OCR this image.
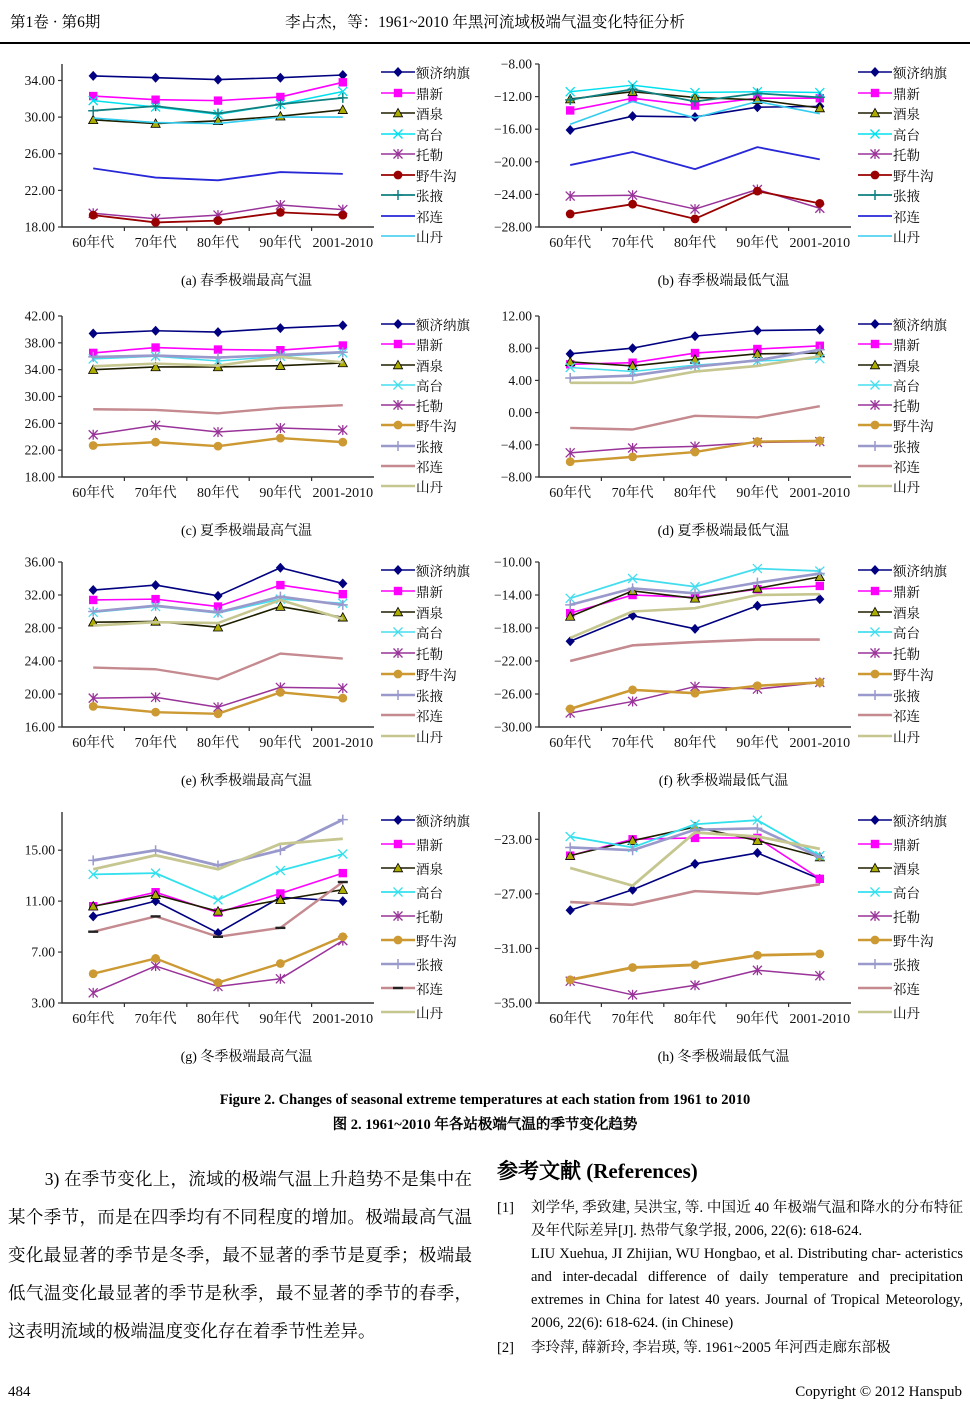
第1卷 · 第6期	李占杰，等：1961~2010 年黑河流域极端气温变化特征分析
18.00
22.00
26.00
30.00
34.00
60年代 70年代 80年代 90年代 2001-2010
额济纳旗
鼎新
酒泉
高台
托勒
野牛沟
张掖
祁连
山丹
(a) 春季极端最高气温
−28.00
−24.00
−20.00
−16.00
−12.00
−8.00
60年代 70年代 80年代 90年代 2001-2010
额济纳旗
鼎新
酒泉
高台
托勒
野牛沟
张掖
祁连
山丹
(b) 春季极端最低气温
18.00
22.00
26.00
30.00
34.00
38.00
42.00
60年代 70年代 80年代 90年代 2001-2010
额济纳旗
鼎新
酒泉
高台
托勒
野牛沟
张掖
祁连
山丹
(c) 夏季极端最高气温
−8.00
−4.00
0.00
4.00
8.00
12.00
60年代 70年代 80年代 90年代 2001-2010
额济纳旗
鼎新
酒泉
高台
托勒
野牛沟
张掖
祁连
山丹
(d) 夏季极端最低气温
16.00
20.00
24.00
28.00
32.00
36.00
60年代 70年代 80年代 90年代 2001-2010
额济纳旗
鼎新
酒泉
高台
托勒
野牛沟
张掖
祁连
山丹
(e) 秋季极端最高气温
−30.00
−26.00
−22.00
−18.00
−14.00
−10.00
60年代 70年代 80年代 90年代 2001-2010
额济纳旗
鼎新
酒泉
高台
托勒
野牛沟
张掖
祁连
山丹
(f) 秋季极端最低气温
3.00
7.00
11.00
15.00
60年代 70年代 80年代 90年代 2001-2010
额济纳旗
鼎新
酒泉
高台
托勒
野牛沟
张掖
祁连
山丹
(g) 冬季极端最高气温
−35.00
−31.00
−27.00
−23.00
60年代 70年代 80年代 90年代 2001-2010
额济纳旗
鼎新
酒泉
高台
托勒
野牛沟
张掖
祁连
山丹
(h) 冬季极端最低气温
Figure 2. Changes of seasonal extreme temperatures at each station from 1961 to 2010
图 2. 1961~2010 年各站极端气温的季节变化趋势

3) 在季节变化上，流域的极端气温上升趋势不是集中在某个季节，而是在四季均有不同程度的增加。极端最高气温变化最显著的季节是冬季，最不显著的季节是夏季；极端最低气温变化最显著的季节是秋季，最不显著的季节的春季，这表明流域的极端温度变化存在着季节性差异。

参考文献 (References)
[1]	刘学华, 季致建, 吴洪宝, 等. 中国近 40 年极端气温和降水的分布特征及年代际差异[J]. 热带气象学报, 2006, 22(6): 618-624.
LIU Xuehua, JI Zhijian, WU Hongbao, et al. Distributing char- acteristics and inter-decadal difference of daily temperature and precipitation extremes in China for latest 40 years. Journal of Tropical Meteorology, 2006, 22(6): 618-624. (in Chinese)
[2]	李玲萍, 薛新玲, 李岩瑛, 等. 1961~2005 年河西走廊东部极
484	Copyright © 2012 Hanspub
